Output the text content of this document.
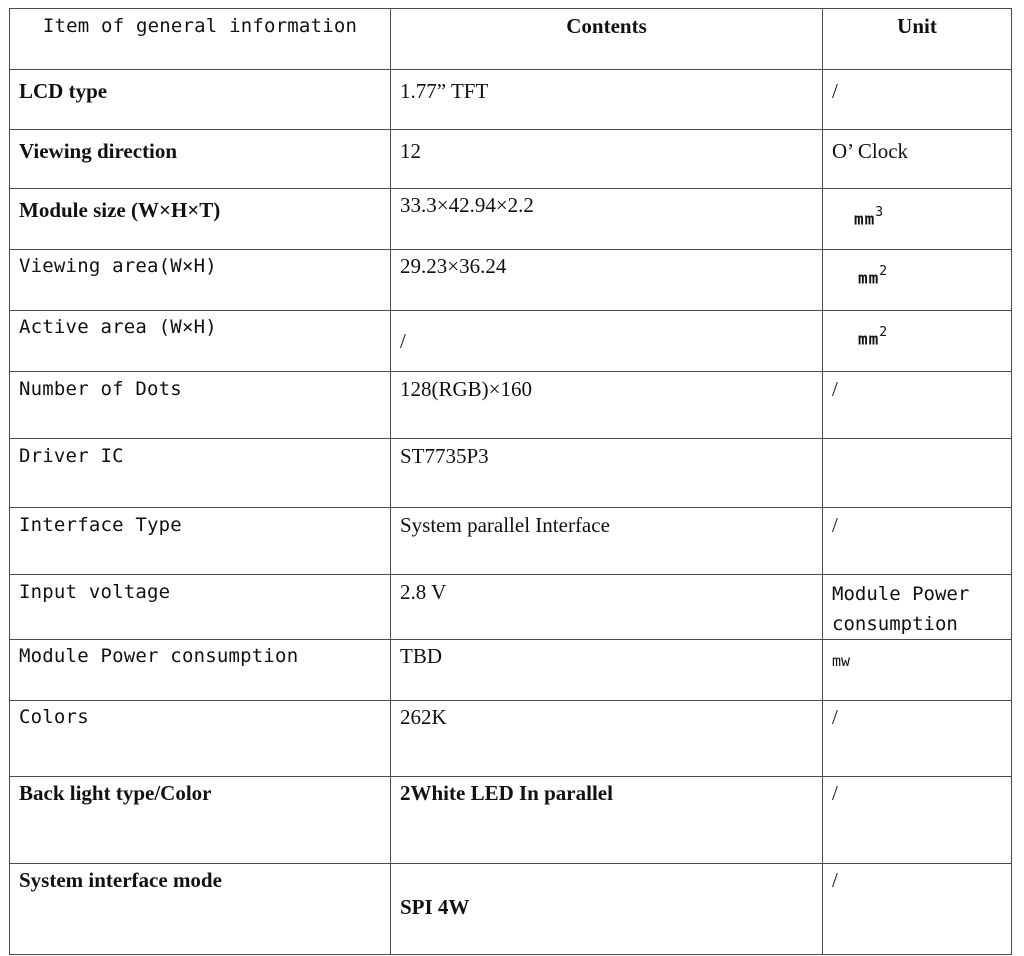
Item of general information	Contents	Unit

LCD type	1.77” TFT	/

Viewing direction	12	O’ Clock

Module size (W×H×T)	33.3×42.94×2.2	$mm^3$

Viewing area(W×H)	29.23×36.24	$mm^2$

Active area (W×H)	/	$mm^2$

Number of Dots	128(RGB)×160	/

Driver IC	ST7735P3	

Interface Type	System parallel Interface	/

Input voltage	2.8 V	Module Power consumption

Module Power consumption	TBD	mw

Colors	262K	/

Back light type/Color	2White LED In parallel	/

System interface mode	SPI 4W	/
